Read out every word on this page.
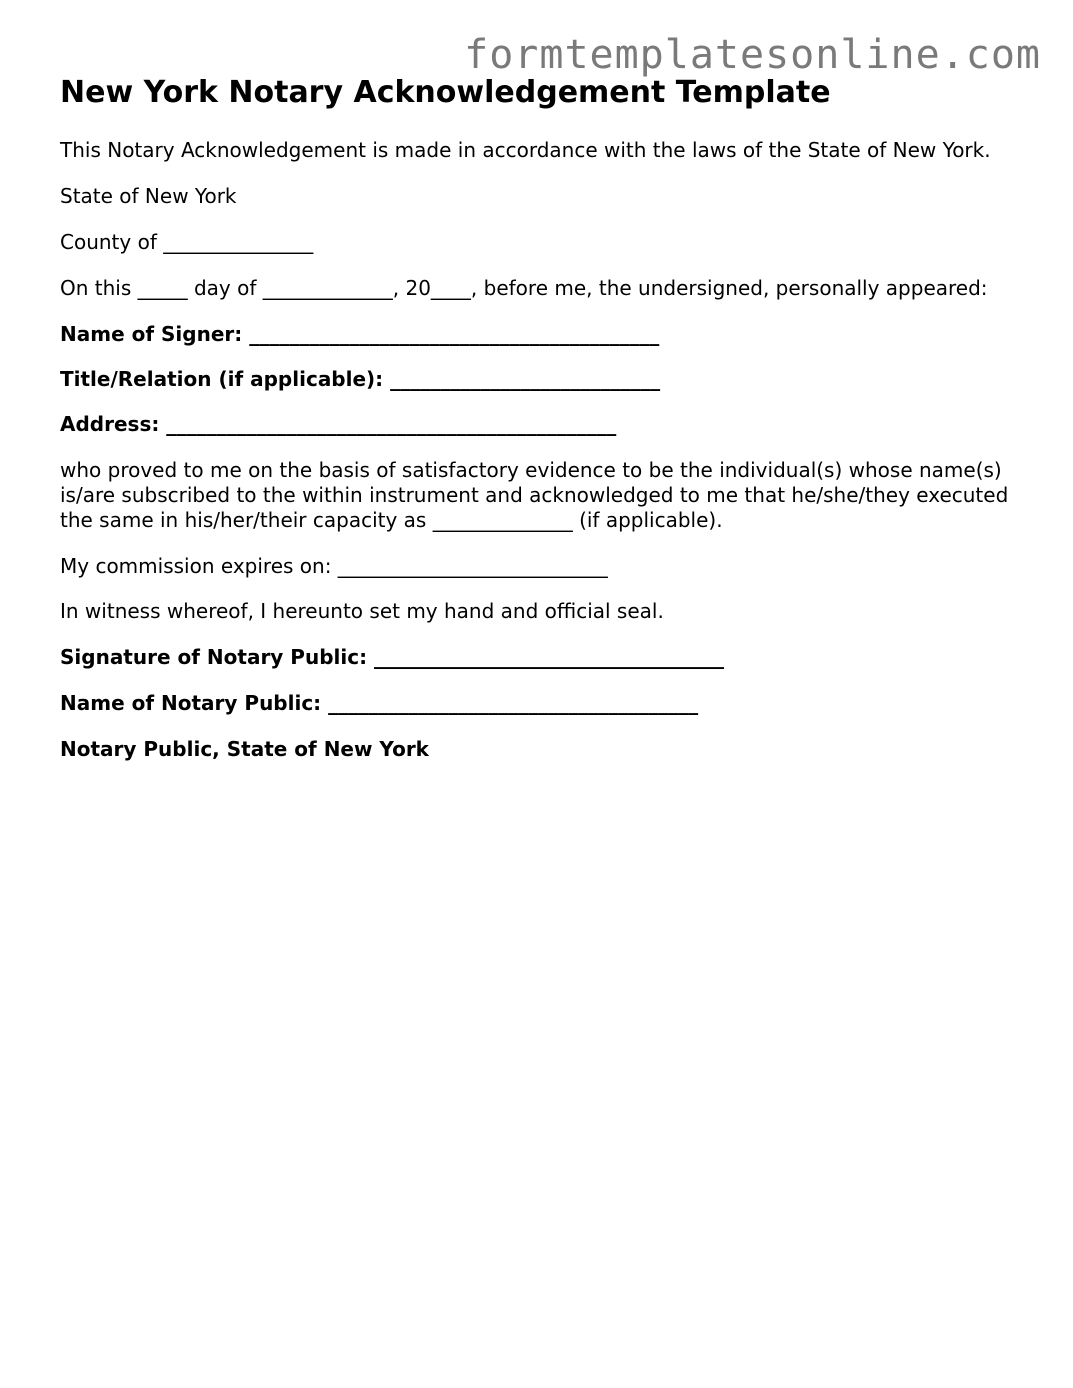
formtemplatesonline.com
New York Notary Acknowledgement Template

This Notary Acknowledgement is made in accordance with the laws of the State of New York.

State of New York

County of _______________

On this _____ day of _____________, 20____, before me, the undersigned, personally appeared:

Name of Signer: _________________________________________

Title/Relation (if applicable): ___________________________

Address: _____________________________________________

who proved to me on the basis of satisfactory evidence to be the individual(s) whose name(s) is/are subscribed to the within instrument and acknowledged to me that he/she/they executed the same in his/her/their capacity as ______________ (if applicable).

My commission expires on: ___________________________

In witness whereof, I hereunto set my hand and official seal.

Signature of Notary Public: ___________________________________

Name of Notary Public: _____________________________________

Notary Public, State of New York
